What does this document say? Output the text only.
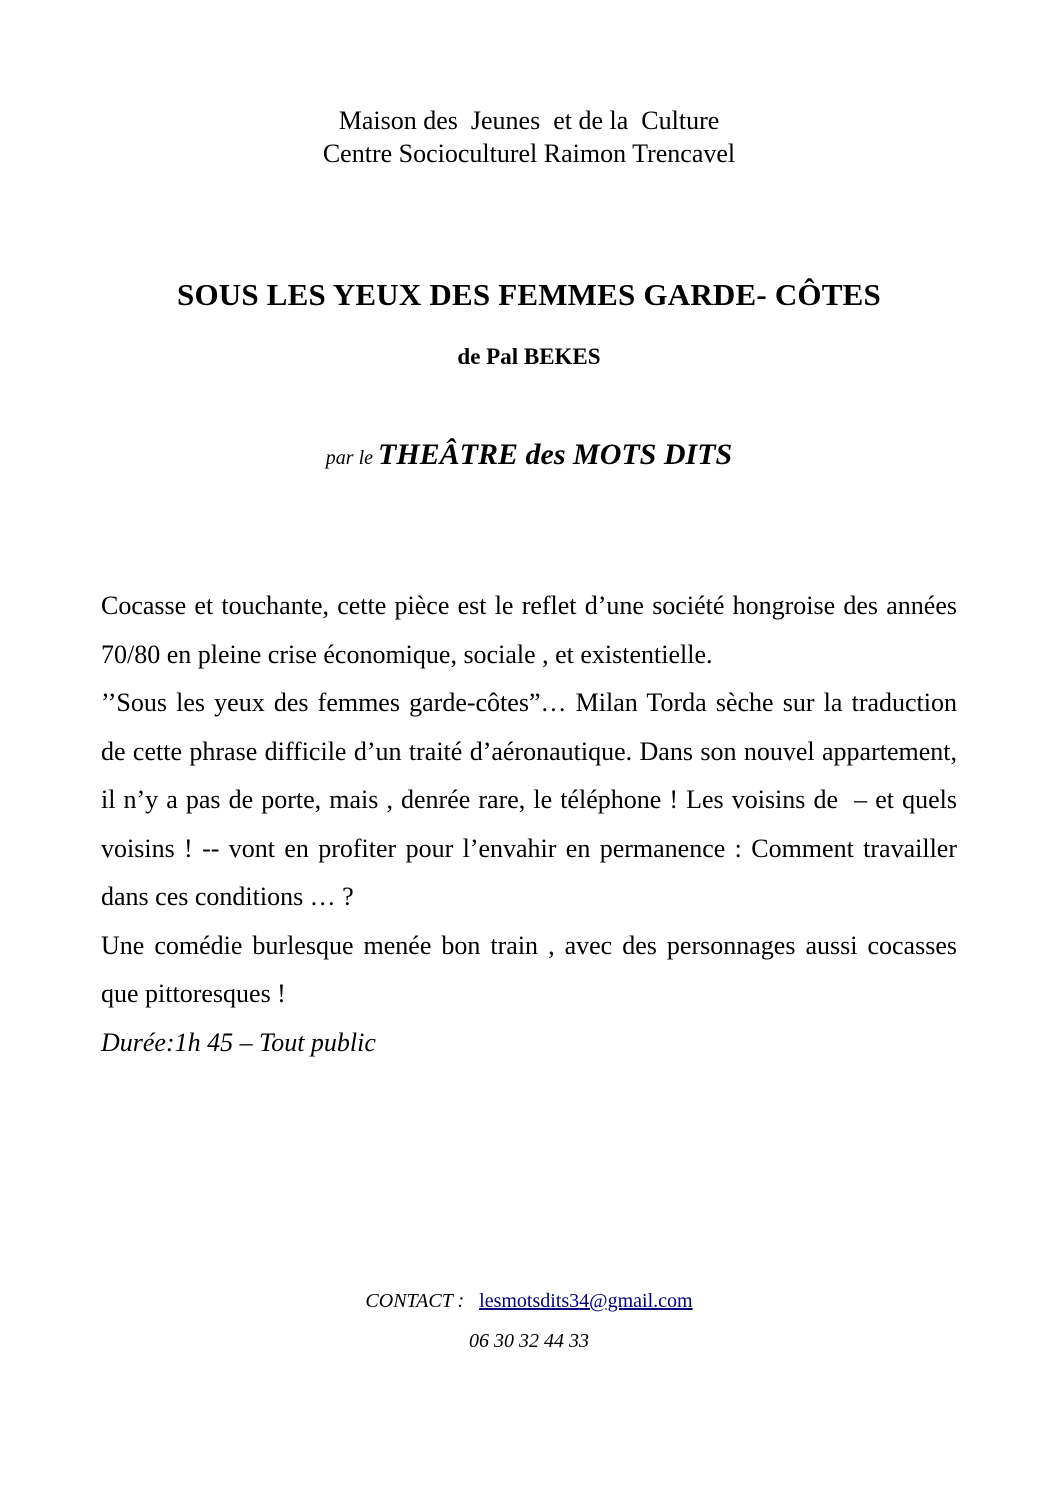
Maison des  Jeunes  et de la  Culture
Centre Socioculturel Raimon Trencavel
SOUS LES YEUX DES FEMMES GARDE- CÔTES
de Pal BEKES
par le THEÂTRE des MOTS DITS

Cocasse et touchante, cette pièce est le reflet d’une société hongroise des années 70/80 en pleine crise économique, sociale , et existentielle.

’’Sous les yeux des femmes garde-côtes”… Milan Torda sèche sur la traduction de cette phrase difficile d’un traité d’aéronautique. Dans son nouvel appartement, il n’y a pas de porte, mais , denrée rare, le téléphone ! Les voisins de  – et quels voisins ! -- vont en profiter pour l’envahir en permanence : Comment travailler dans ces conditions … ?

Une comédie burlesque menée bon train , avec des personnages aussi cocasses que pittoresques !

Durée:1h 45 – Tout public

CONTACT : lesmotsdits34@gmail.com
06 30 32 44 33
